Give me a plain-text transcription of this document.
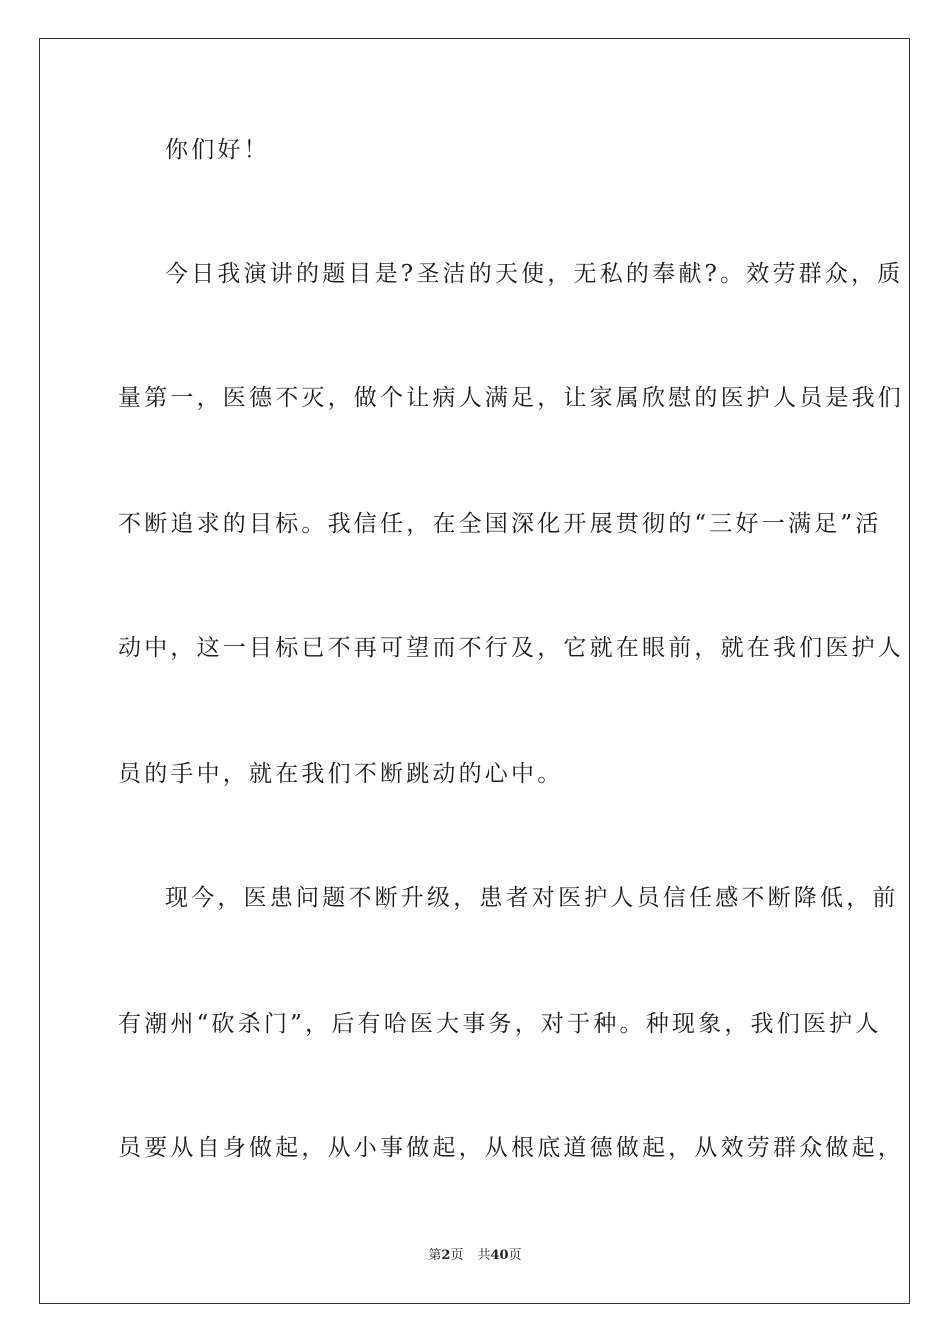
你们好！
今日我演讲的题目是?圣洁的天使，无私的奉献?。效劳群众，质
量第一，医德不灭，做个让病人满足，让家属欣慰的医护人员是我们
不断追求的目标。我信任，在全国深化开展贯彻的“三好一满足”活
动中，这一目标已不再可望而不行及，它就在眼前，就在我们医护人
员的手中，就在我们不断跳动的心中。
现今，医患问题不断升级，患者对医护人员信任感不断降低，前
有潮州“砍杀门”，后有哈医大事务，对于种。种现象，我们医护人
员要从自身做起，从小事做起，从根底道德做起，从效劳群众做起，
第2页 共40页
